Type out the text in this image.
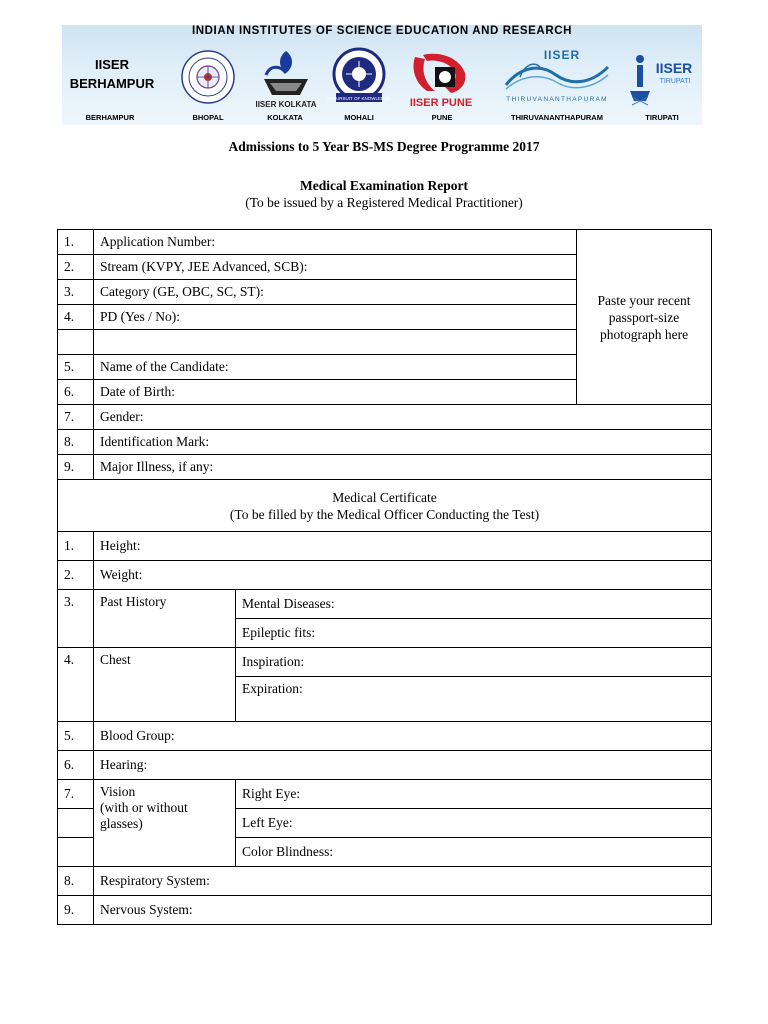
INDIAN INSTITUTES OF SCIENCE EDUCATION AND RESEARCH
IISER
BERHAMPUR
IISER KOLKATA
IN PURSUIT OF KNOWLEDGE IISER PUNE
IISER
THIRUVANANTHAPURAM
IISER
TIRUPATI
BERHAMPUR	BHOPAL	KOLKATA	MOHALI	PUNE	THIRUVANANTHAPURAM	TIRUPATI
Admissions to 5 Year BS-MS Degree Programme 2017
Medical Examination Report
(To be issued by a Registered Medical Practitioner)
1.	Application Number:		Paste your recent
passport-size
photograph here

2.	Stream (KVPY, JEE Advanced, SCB):		
3.	Category (GE, OBC, SC, ST):		
4.	PD (Yes / No):		

5.	Name of the Candidate:		
6.	Date of Birth:		
7.	Gender:		
8.	Identification Mark:		
9.	Major Illness, if any:		

Medical Certificate
(To be filled by the Medical Officer Conducting the Test)			

1.	Height:		
2.	Weight:		
3.	Past History	Mental Diseases:	
		Epileptic fits:	
4.	Chest	Inspiration:	
		Expiration:	
5.	Blood Group:		
6.	Hearing:		
7.	Vision
(with or without
glasses)	Right Eye:	
		Left Eye:	
		Color Blindness:	
8.	Respiratory System:		
9.	Nervous System:		
